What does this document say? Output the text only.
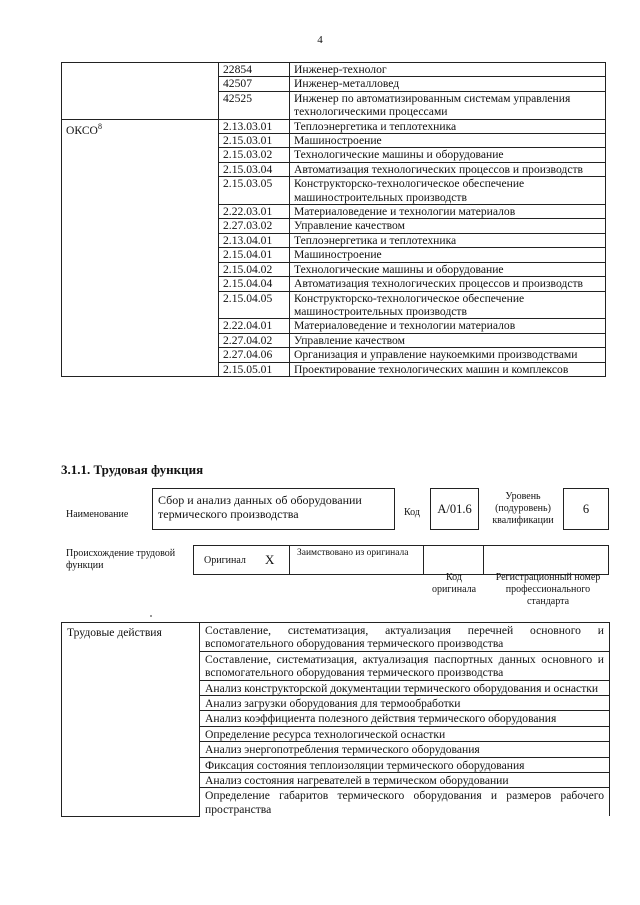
4
	22854	Инженер-технолог
	42507	Инженер-металловед
	42525	Инженер по автоматизированным системам управления технологическими процессами
ОКСО$^8$	2.13.03.01	Теплоэнергетика и теплотехника
	2.15.03.01	Машиностроение
	2.15.03.02	Технологические машины и оборудование
	2.15.03.04	Автоматизация технологических процессов и производств
	2.15.03.05	Конструкторско-технологическое обеспечение машиностроительных производств
	2.22.03.01	Материаловедение и технологии материалов
	2.27.03.02	Управление качеством
	2.13.04.01	Теплоэнергетика и теплотехника
	2.15.04.01	Машиностроение
	2.15.04.02	Технологические машины и оборудование
	2.15.04.04	Автоматизация технологических процессов и производств
	2.15.04.05	Конструкторско-технологическое обеспечение машиностроительных производств
	2.22.04.01	Материаловедение и технологии материалов
	2.27.04.02	Управление качеством
	2.27.04.06	Организация и управление наукоемкими производствами
	2.15.05.01	Проектирование технологических машин и комплексов
3.1.1. Трудовая функция
Наименование
Сбор и анализ данных об оборудовании термического производства	Код	A/01.6
Уровень (подуровень) квалификации
6
Происхождение трудовой функции	Оригинал X Заимствовано из оригинала
Код оригинала
Регистрационный номер профессионального стандарта
Трудовые действия	Составление, систематизация, актуализация перечней основного и вспомогательного оборудования термического производства
Составление, систематизация, актуализация паспортных данных основного и вспомогательного оборудования термического производства
Анализ конструкторской документации термического оборудования и оснастки
Анализ загрузки оборудования для термообработки
Анализ коэффициента полезного действия термического оборудования
Определение ресурса технологической оснастки
Анализ энергопотребления термического оборудования
Фиксация состояния теплоизоляции термического оборудования
Анализ состояния нагревателей в термическом оборудовании
Определение габаритов термического оборудования и размеров рабочего пространства
